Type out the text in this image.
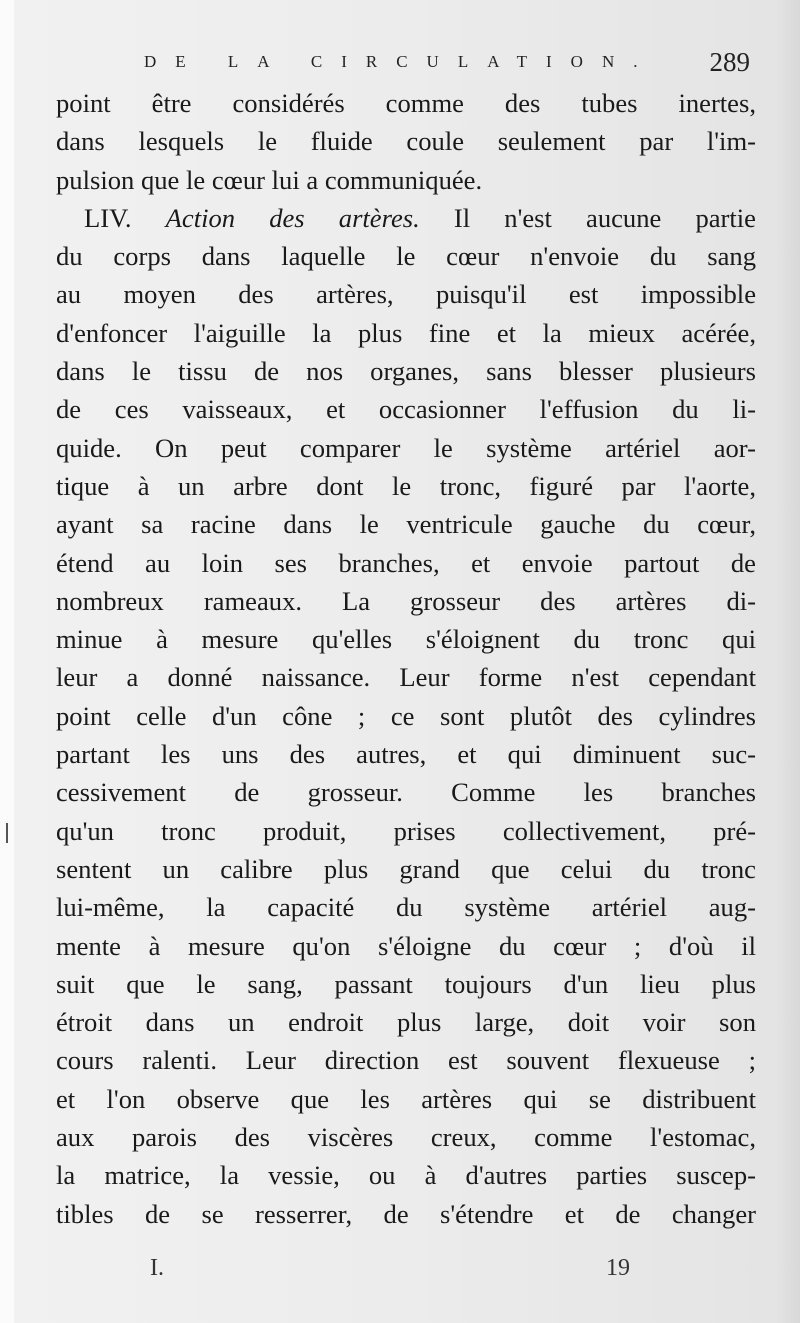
DE LA CIRCULATION. 289
point être considérés comme des tubes inertes,
dans lesquels le fluide coule seulement par l'im-
pulsion que le cœur lui a communiquée.
LIV. Action des artères. Il n'est aucune partie
du corps dans laquelle le cœur n'envoie du sang
au moyen des artères, puisqu'il est impossible
d'enfoncer l'aiguille la plus fine et la mieux acérée,
dans le tissu de nos organes, sans blesser plusieurs
de ces vaisseaux, et occasionner l'effusion du li-
quide. On peut comparer le système artériel aor-
tique à un arbre dont le tronc, figuré par l'aorte,
ayant sa racine dans le ventricule gauche du cœur,
étend au loin ses branches, et envoie partout de
nombreux rameaux. La grosseur des artères di-
minue à mesure qu'elles s'éloignent du tronc qui
leur a donné naissance. Leur forme n'est cependant
point celle d'un cône ; ce sont plutôt des cylindres
partant les uns des autres, et qui diminuent suc-
cessivement de grosseur. Comme les branches
qu'un tronc produit, prises collectivement, pré-
sentent un calibre plus grand que celui du tronc
lui-même, la capacité du système artériel aug-
mente à mesure qu'on s'éloigne du cœur ; d'où il
suit que le sang, passant toujours d'un lieu plus
étroit dans un endroit plus large, doit voir son
cours ralenti. Leur direction est souvent flexueuse ;
et l'on observe que les artères qui se distribuent
aux parois des viscères creux, comme l'estomac,
la matrice, la vessie, ou à d'autres parties suscep-
tibles de se resserrer, de s'étendre et de changer
I.	19
